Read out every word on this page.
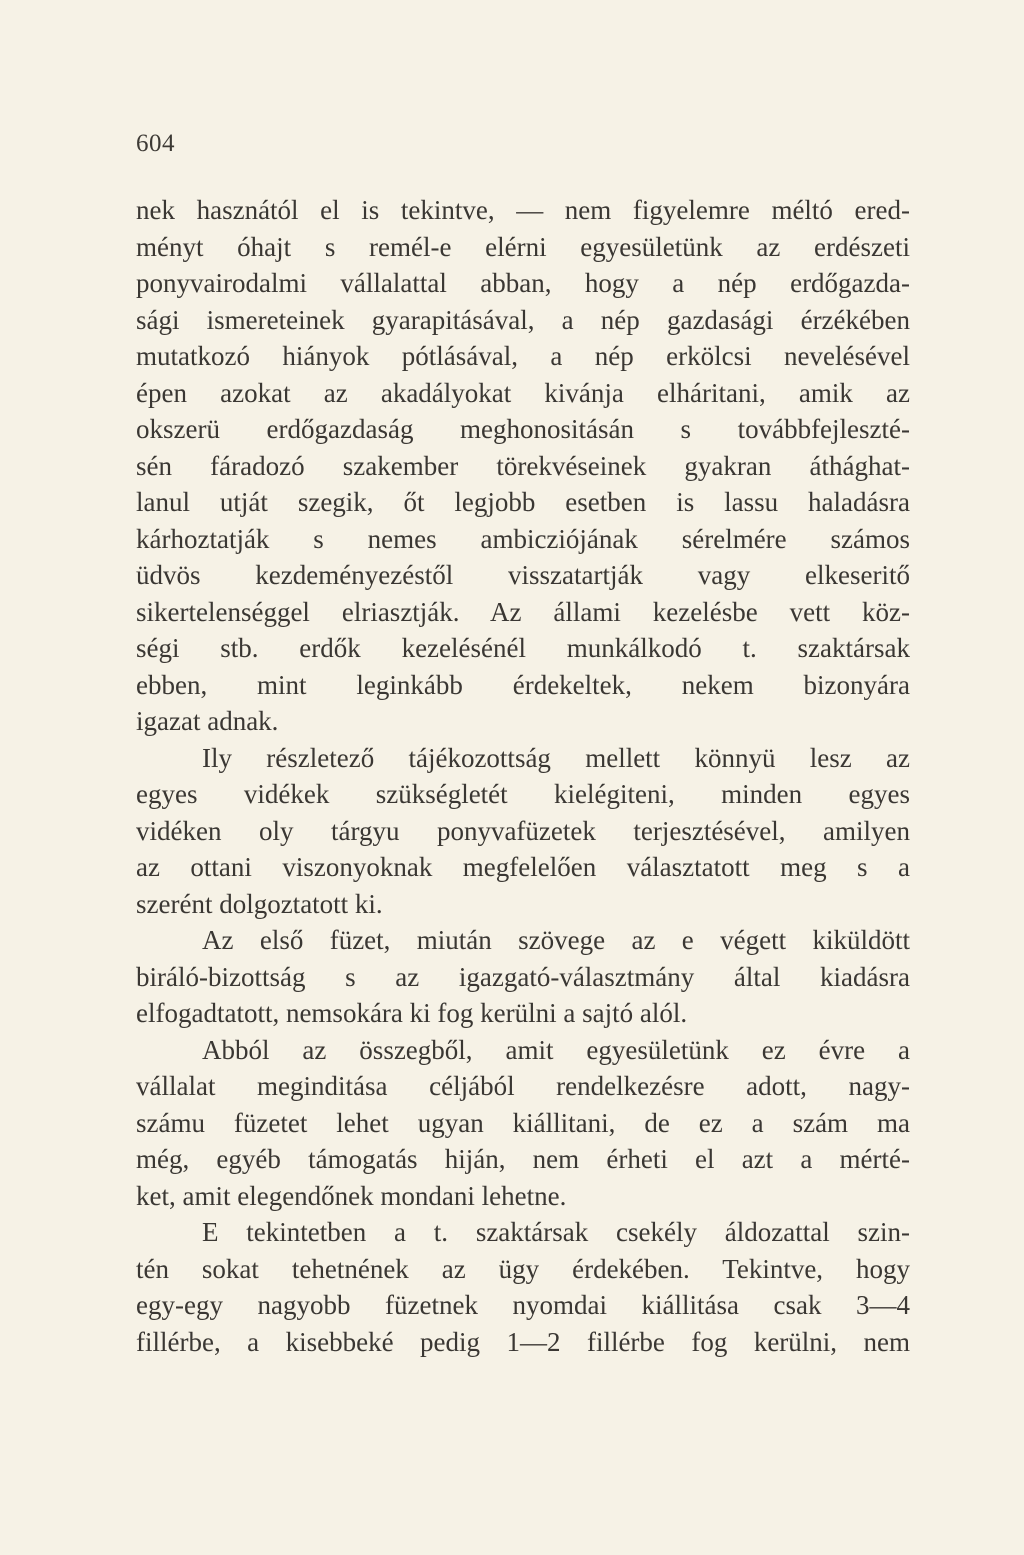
604
nek hasznától el is tekintve, — nem figyelemre méltó ered-
ményt óhajt s remél-e elérni egyesületünk az erdészeti
ponyvairodalmi vállalattal abban, hogy a nép erdőgazda-
sági ismereteinek gyarapitásával, a nép gazdasági érzékében
mutatkozó hiányok pótlásával, a nép erkölcsi nevelésével
épen azokat az akadályokat kivánja elháritani, amik az
okszerü erdőgazdaság meghonositásán s továbbfejleszté-
sén fáradozó szakember törekvéseinek gyakran áthághat-
lanul utját szegik, őt legjobb esetben is lassu haladásra
kárhoztatják s nemes ambicziójának sérelmére számos
üdvös kezdeményezéstől visszatartják vagy elkeseritő
sikertelenséggel elriasztják. Az állami kezelésbe vett köz-
ségi stb. erdők kezelésénél munkálkodó t. szaktársak
ebben, mint leginkább érdekeltek, nekem bizonyára
igazat adnak.
Ily részletező tájékozottság mellett könnyü lesz az
egyes vidékek szükségletét kielégiteni, minden egyes
vidéken oly tárgyu ponyvafüzetek terjesztésével, amilyen
az ottani viszonyoknak megfelelően választatott meg s a
szerént dolgoztatott ki.
Az első füzet, miután szövege az e végett kiküldött
biráló-bizottság s az igazgató-választmány által kiadásra
elfogadtatott, nemsokára ki fog kerülni a sajtó alól.
Abból az összegből, amit egyesületünk ez évre a
vállalat meginditása céljából rendelkezésre adott, nagy-
számu füzetet lehet ugyan kiállitani, de ez a szám ma
még, egyéb támogatás hiján, nem érheti el azt a mérté-
ket, amit elegendőnek mondani lehetne.
E tekintetben a t. szaktársak csekély áldozattal szin-
tén sokat tehetnének az ügy érdekében. Tekintve, hogy
egy-egy nagyobb füzetnek nyomdai kiállitása csak 3—4
fillérbe, a kisebbeké pedig 1—2 fillérbe fog kerülni, nem
